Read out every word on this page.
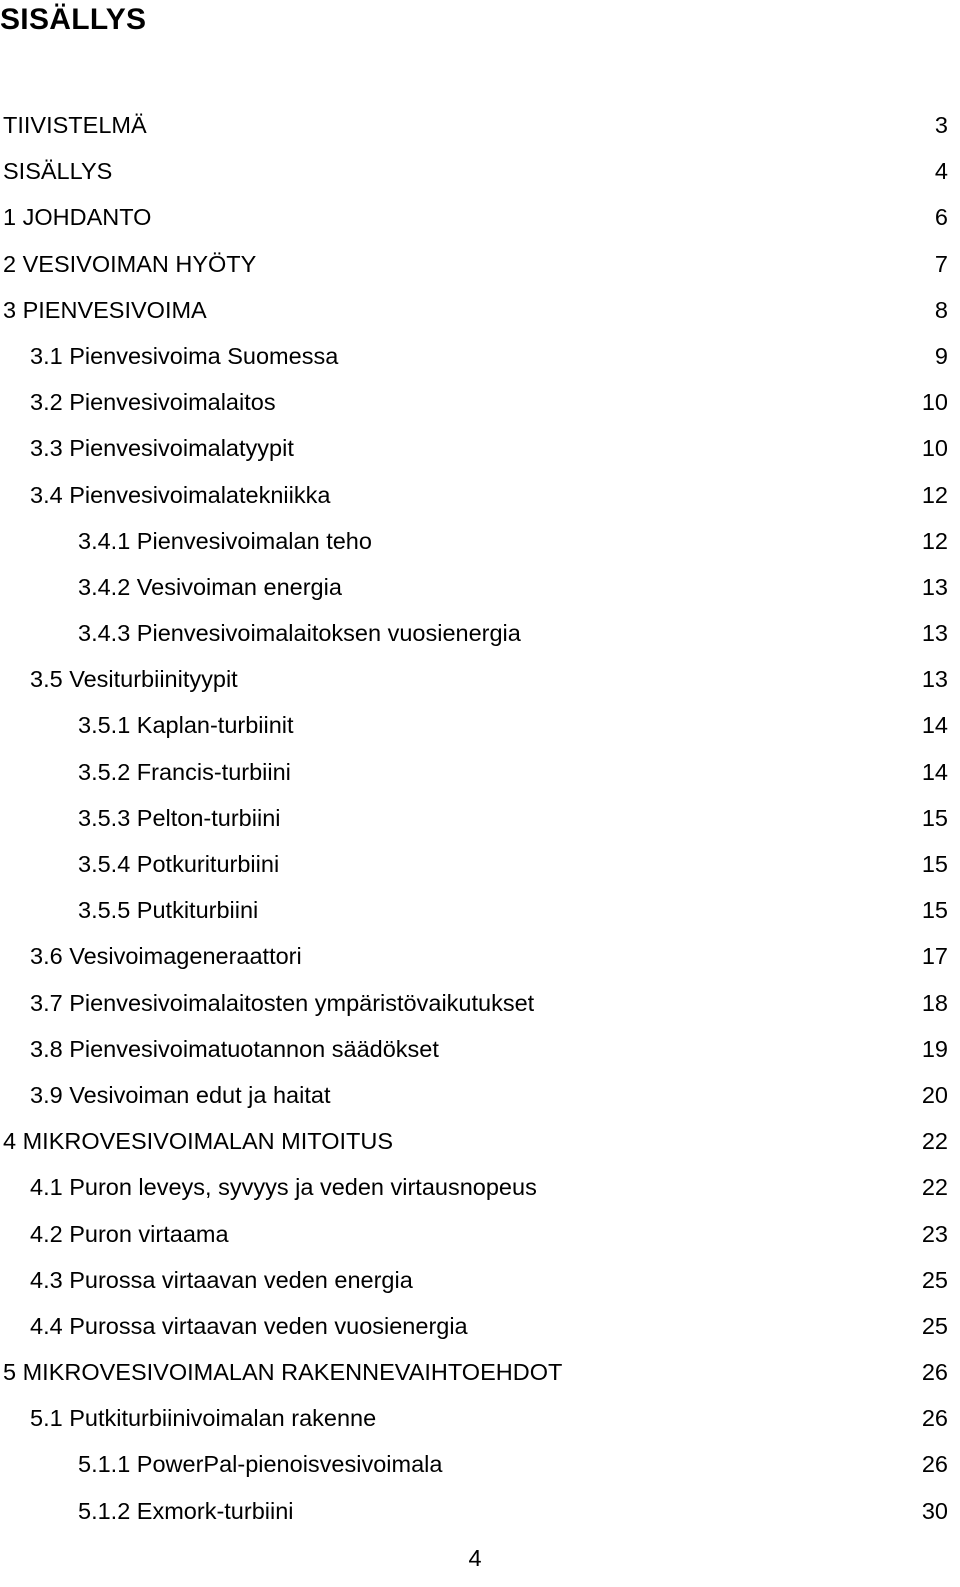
SISÄLLYS
TIIVISTELMÄ	3
SISÄLLYS	4
1 JOHDANTO	6
2 VESIVOIMAN HYÖTY	7
3 PIENVESIVOIMA	8
3.1 Pienvesivoima Suomessa	9
3.2 Pienvesivoimalaitos	10
3.3 Pienvesivoimalatyypit	10
3.4 Pienvesivoimalatekniikka	12
3.4.1 Pienvesivoimalan teho	12
3.4.2 Vesivoiman energia	13
3.4.3 Pienvesivoimalaitoksen vuosienergia	13
3.5 Vesiturbiinityypit	13
3.5.1 Kaplan-turbiinit	14
3.5.2 Francis-turbiini	14
3.5.3 Pelton-turbiini	15
3.5.4 Potkuriturbiini	15
3.5.5 Putkiturbiini	15
3.6 Vesivoimageneraattori	17
3.7 Pienvesivoimalaitosten ympäristövaikutukset	18
3.8 Pienvesivoimatuotannon säädökset	19
3.9 Vesivoiman edut ja haitat	20
4 MIKROVESIVOIMALAN MITOITUS	22
4.1 Puron leveys, syvyys ja veden virtausnopeus	22
4.2 Puron virtaama	23
4.3 Purossa virtaavan veden energia	25
4.4 Purossa virtaavan veden vuosienergia	25
5 MIKROVESIVOIMALAN RAKENNEVAIHTOEHDOT	26
5.1 Putkiturbiinivoimalan rakenne	26
5.1.1 PowerPal-pienoisvesivoimala	26
5.1.2 Exmork-turbiini	30
4
